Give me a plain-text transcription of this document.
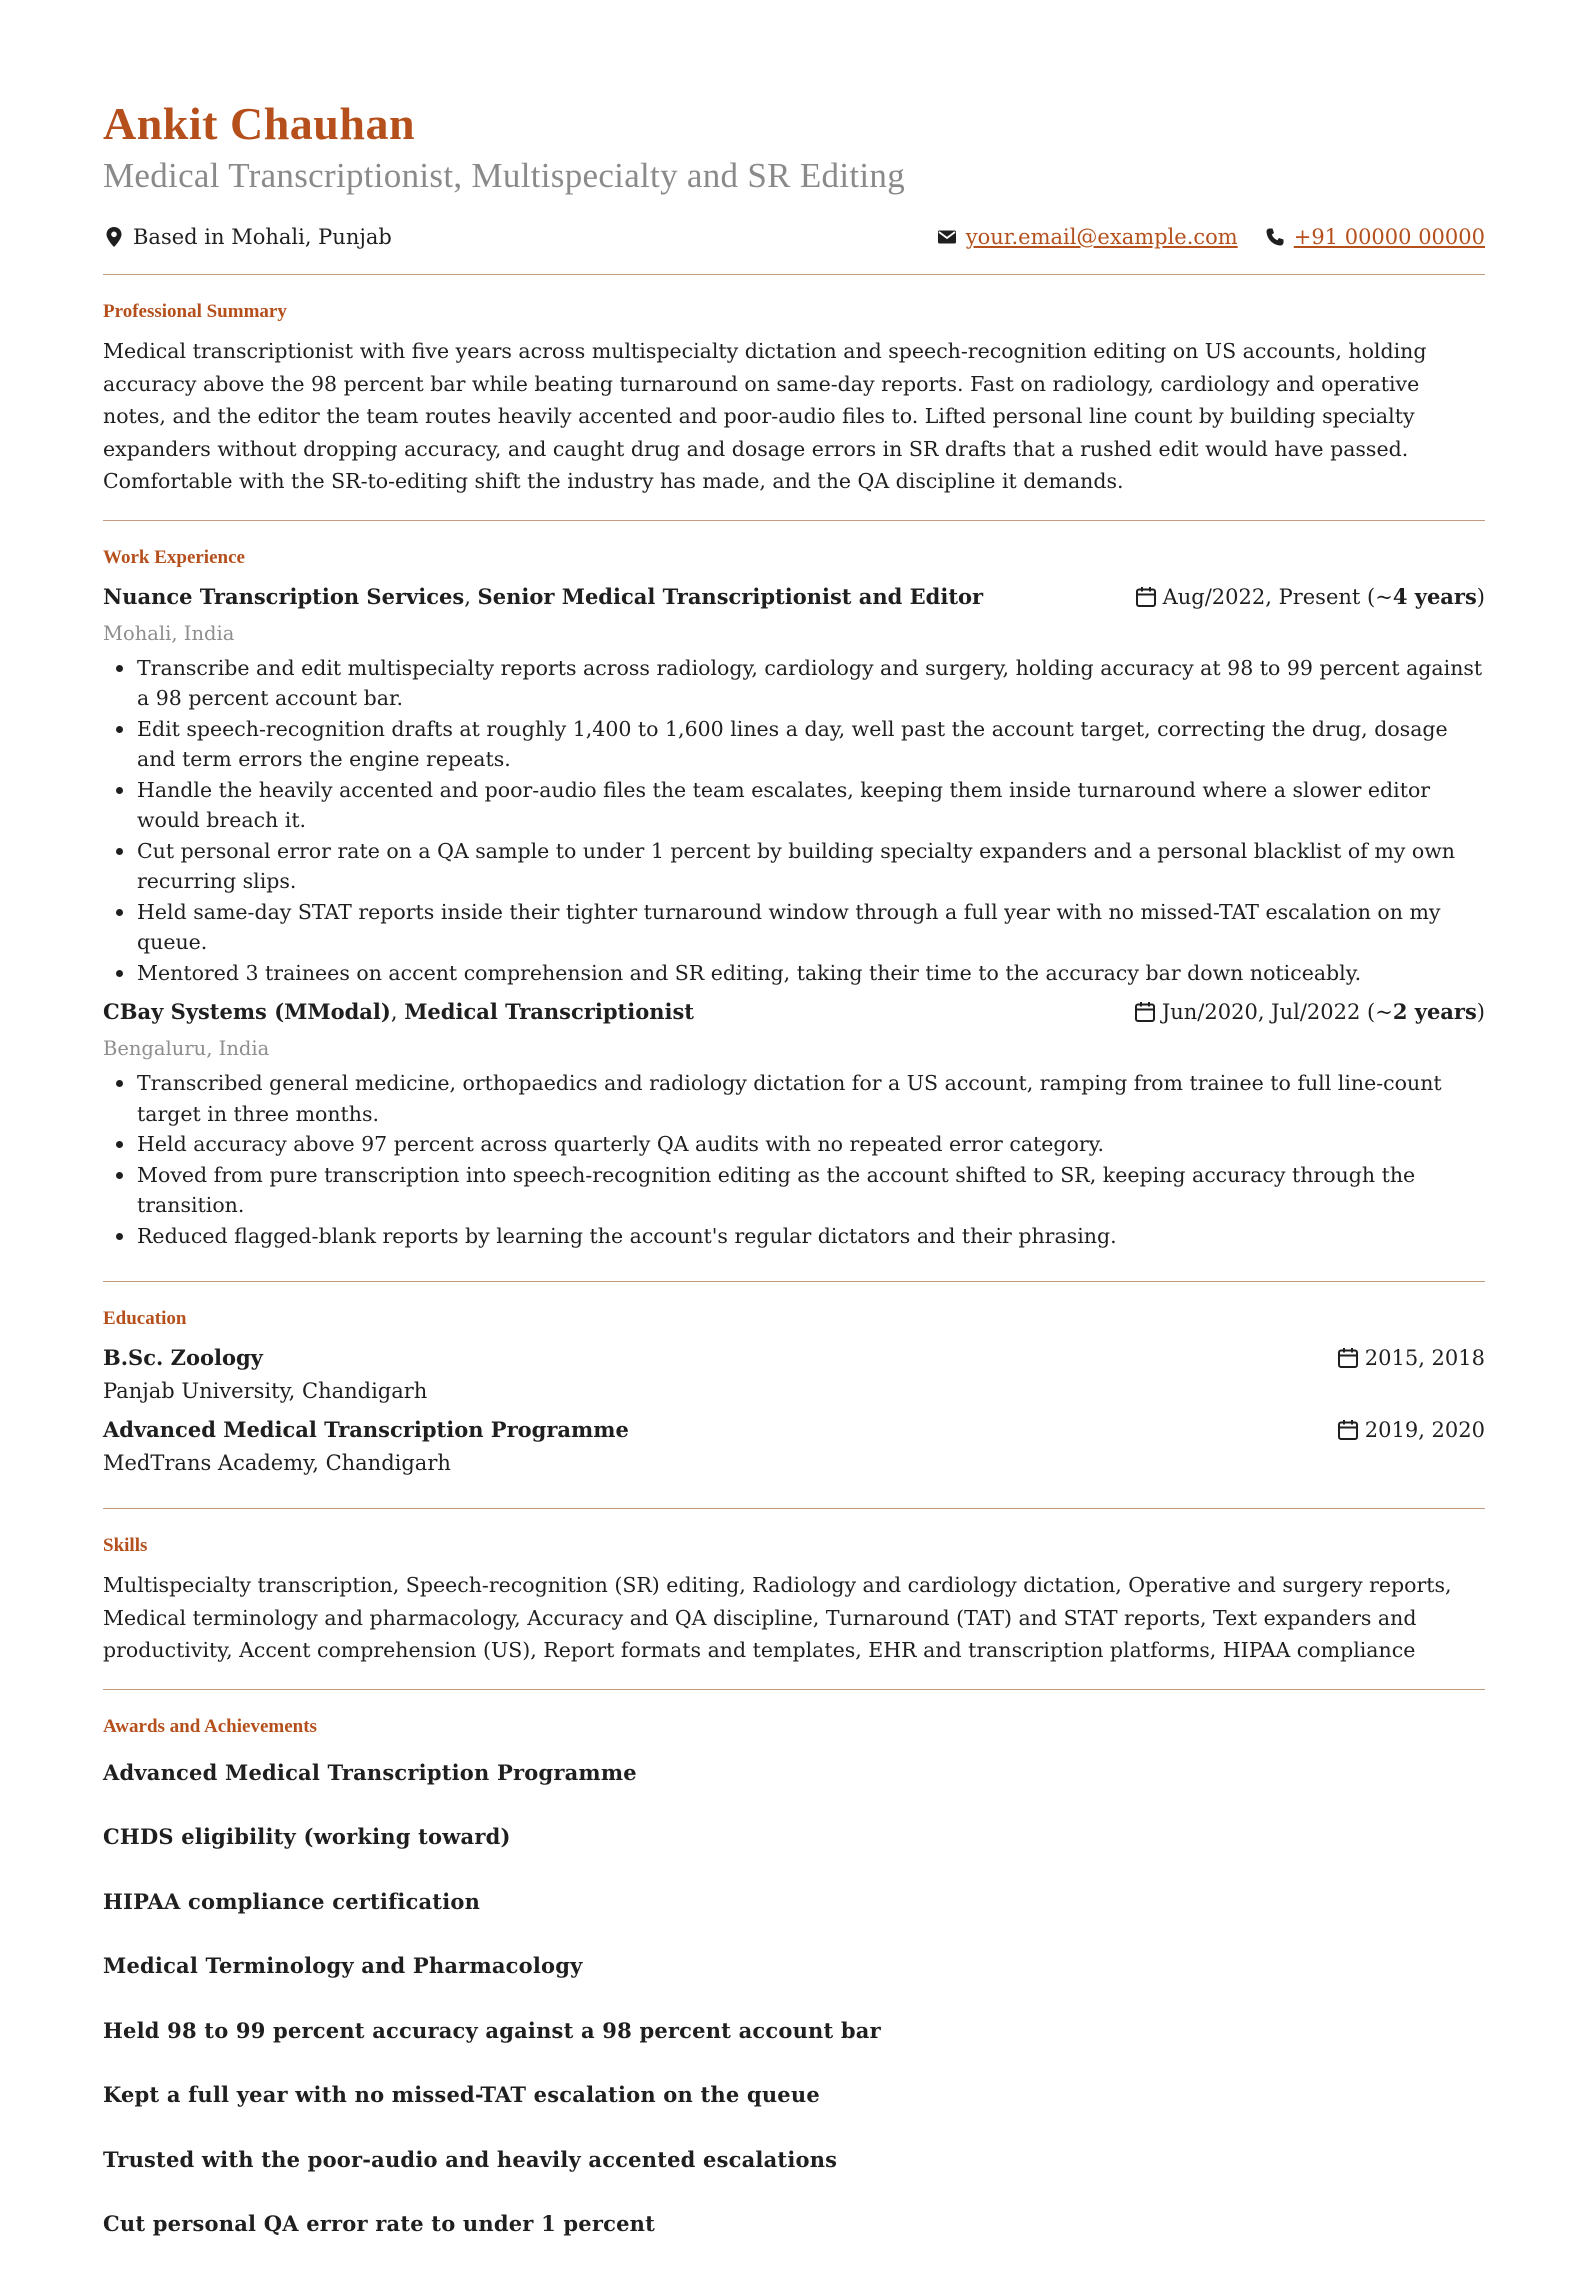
Ankit Chauhan
Medical Transcriptionist, Multispecialty and SR Editing
Based in Mohali, Punjab	your.email@example.com	+91 00000 00000
Professional Summary

Medical transcriptionist with five years across multispecialty dictation and speech-recognition editing on US accounts, holding accuracy above the 98 percent bar while beating turnaround on same-day reports. Fast on radiology, cardiology and operative notes, and the editor the team routes heavily accented and poor-audio files to. Lifted personal line count by building specialty expanders without dropping accuracy, and caught drug and dosage errors in SR drafts that a rushed edit would have passed. Comfortable with the SR-to-editing shift the industry has made, and the QA discipline it demands.

Work Experience
Nuance Transcription Services, Senior Medical Transcriptionist and Editor	Aug/2022, Present (~ 4 years )
Mohali, India
Transcribe and edit multispecialty reports across radiology, cardiology and surgery, holding accuracy at 98 to 99 percent against a 98 percent account bar.
Edit speech-recognition drafts at roughly 1,400 to 1,600 lines a day, well past the account target, correcting the drug, dosage and term errors the engine repeats.
Handle the heavily accented and poor-audio files the team escalates, keeping them inside turnaround where a slower editor would breach it.
Cut personal error rate on a QA sample to under 1 percent by building specialty expanders and a personal blacklist of my own recurring slips.
Held same-day STAT reports inside their tighter turnaround window through a full year with no missed-TAT escalation on my queue.
Mentored 3 trainees on accent comprehension and SR editing, taking their time to the accuracy bar down noticeably.
CBay Systems (MModal), Medical Transcriptionist	Jun/2020, Jul/2022 (~ 2 years )
Bengaluru, India
Transcribed general medicine, orthopaedics and radiology dictation for a US account, ramping from trainee to full line-count target in three months.
Held accuracy above 97 percent across quarterly QA audits with no repeated error category.
Moved from pure transcription into speech-recognition editing as the account shifted to SR, keeping accuracy through the transition.
Reduced flagged-blank reports by learning the account's regular dictators and their phrasing.
Education
B.Sc. Zoology	2015, 2018
Panjab University, Chandigarh
Advanced Medical Transcription Programme	2019, 2020
MedTrans Academy, Chandigarh
Skills

Multispecialty transcription, Speech-recognition (SR) editing, Radiology and cardiology dictation, Operative and surgery reports, Medical terminology and pharmacology, Accuracy and QA discipline, Turnaround (TAT) and STAT reports, Text expanders and productivity, Accent comprehension (US), Report formats and templates, EHR and transcription platforms, HIPAA compliance

Awards and Achievements
Advanced Medical Transcription Programme
CHDS eligibility (working toward)
HIPAA compliance certification
Medical Terminology and Pharmacology
Held 98 to 99 percent accuracy against a 98 percent account bar
Kept a full year with no missed-TAT escalation on the queue
Trusted with the poor-audio and heavily accented escalations
Cut personal QA error rate to under 1 percent
